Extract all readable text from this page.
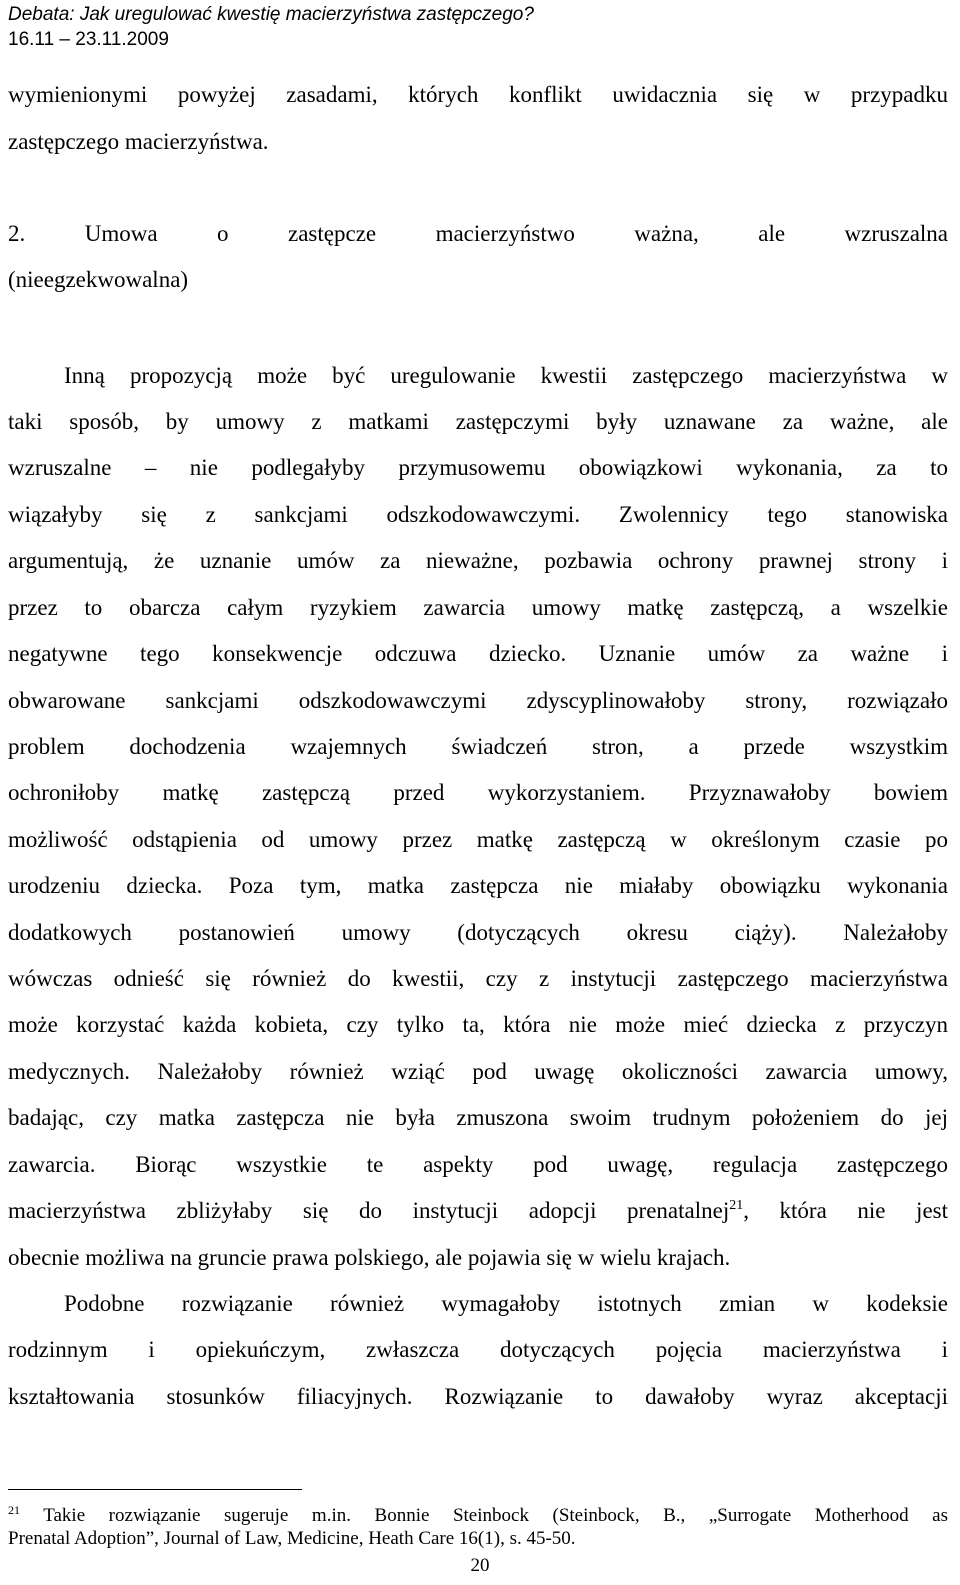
Debata: Jak uregulować kwestię macierzyństwa zastępczego?
16.11 – 23.11.2009
wymienionymi powyżej zasadami, których konflikt uwidacznia się w przypadku
zastępczego macierzyństwa.
2. Umowa o zastępcze macierzyństwo ważna, ale wzruszalna
(nieegzekwowalna)
Inną propozycją może być uregulowanie kwestii zastępczego macierzyństwa w
taki sposób, by umowy z matkami zastępczymi były uznawane za ważne, ale
wzruszalne – nie podlegałyby przymusowemu obowiązkowi wykonania, za to
wiązałyby się z sankcjami odszkodowawczymi. Zwolennicy tego stanowiska
argumentują, że uznanie umów za nieważne, pozbawia ochrony prawnej strony i
przez to obarcza całym ryzykiem zawarcia umowy matkę zastępczą, a wszelkie
negatywne tego konsekwencje odczuwa dziecko. Uznanie umów za ważne i
obwarowane sankcjami odszkodowawczymi zdyscyplinowałoby strony, rozwiązało
problem dochodzenia wzajemnych świadczeń stron, a przede wszystkim
ochroniłoby matkę zastępczą przed wykorzystaniem. Przyznawałoby bowiem
możliwość odstąpienia od umowy przez matkę zastępczą w określonym czasie po
urodzeniu dziecka. Poza tym, matka zastępcza nie miałaby obowiązku wykonania
dodatkowych postanowień umowy (dotyczących okresu ciąży). Należałoby
wówczas odnieść się również do kwestii, czy z instytucji zastępczego macierzyństwa
może korzystać każda kobieta, czy tylko ta, która nie może mieć dziecka z przyczyn
medycznych. Należałoby również wziąć pod uwagę okoliczności zawarcia umowy,
badając, czy matka zastępcza nie była zmuszona swoim trudnym położeniem do jej
zawarcia. Biorąc wszystkie te aspekty pod uwagę, regulacja zastępczego
macierzyństwa zbliżyłaby się do instytucji adopcji prenatalnej$^{21}$, która nie jest
obecnie możliwa na gruncie prawa polskiego, ale pojawia się w wielu krajach.
Podobne rozwiązanie również wymagałoby istotnych zmian w kodeksie
rodzinnym i opiekuńczym, zwłaszcza dotyczących pojęcia macierzyństwa i
kształtowania stosunków filiacyjnych. Rozwiązanie to dawałoby wyraz akceptacji
$^{21}$ Takie rozwiązanie sugeruje m.in. Bonnie Steinbock (Steinbock, B., „Surrogate Motherhood as
Prenatal Adoption”, Journal of Law, Medicine, Heath Care 16(1), s. 45-50.
20
